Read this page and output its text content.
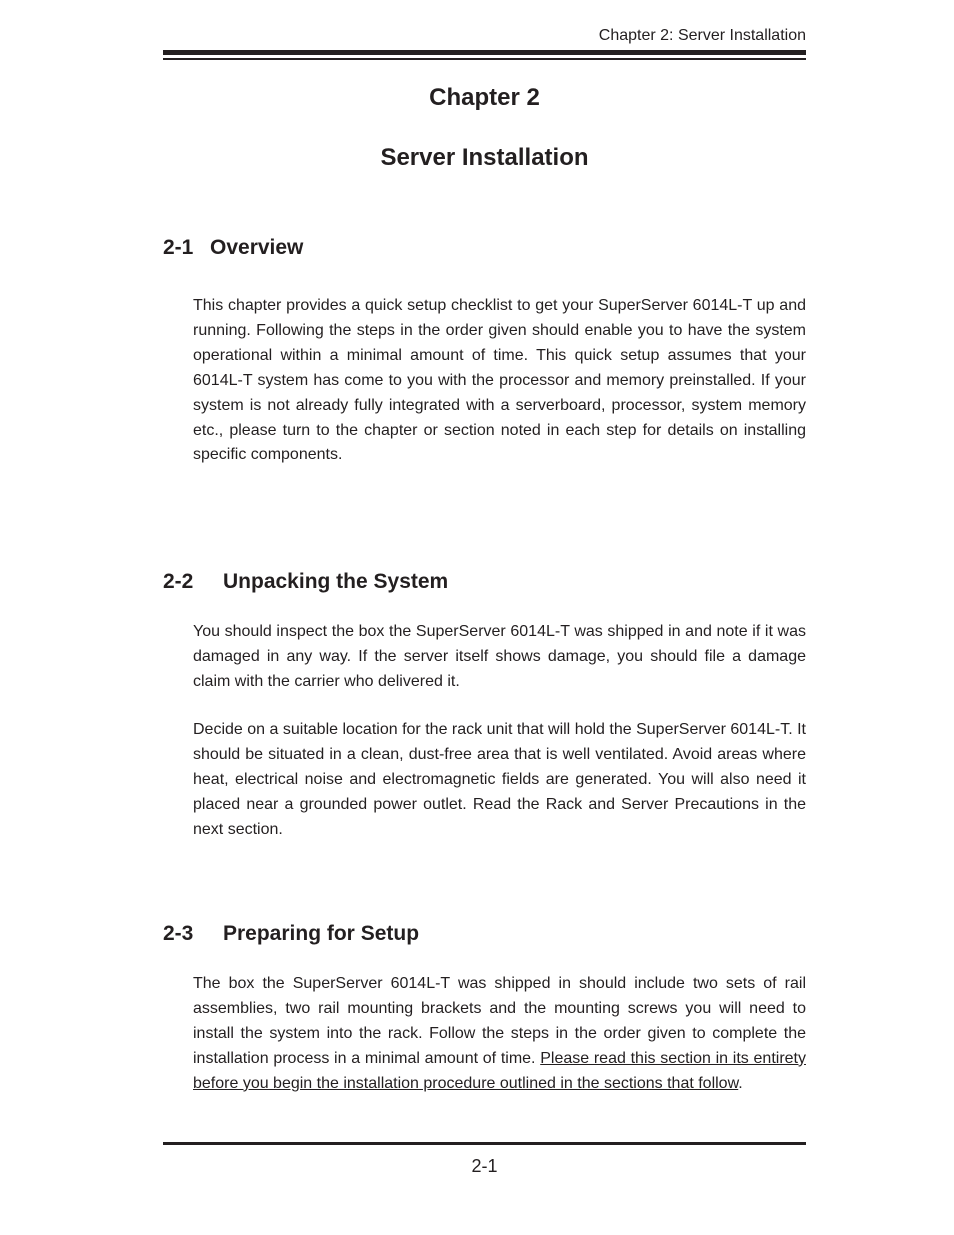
Chapter 2: Server Installation
Chapter 2
Server Installation
2-1 Overview

This chapter provides a quick setup checklist to get your SuperServer 6014L-T up and running. Following the steps in the order given should enable you to have the system operational within a minimal amount of time. This quick setup assumes that your 6014L-T system has come to you with the processor and memory preinstalled. If your system is not already fully integrated with a serverboard, processor, system memory etc., please turn to the chapter or section noted in each step for details on installing specific components.

2-2 Unpacking the System

You should inspect the box the SuperServer 6014L-T was shipped in and note if it was damaged in any way. If the server itself shows damage, you should file a damage claim with the carrier who delivered it.

Decide on a suitable location for the rack unit that will hold the SuperServer 6014L-T. It should be situated in a clean, dust-free area that is well ventilated. Avoid areas where heat, electrical noise and electromagnetic fields are generated. You will also need it placed near a grounded power outlet. Read the Rack and Server Precautions in the next section.

2-3 Preparing for Setup

The box the SuperServer 6014L-T was shipped in should include two sets of rail assemblies, two rail mounting brackets and the mounting screws you will need to install the system into the rack. Follow the steps in the order given to complete the installation process in a minimal amount of time. Please read this section in its entirety before you begin the installation procedure outlined in the sections that follow.

2-1
